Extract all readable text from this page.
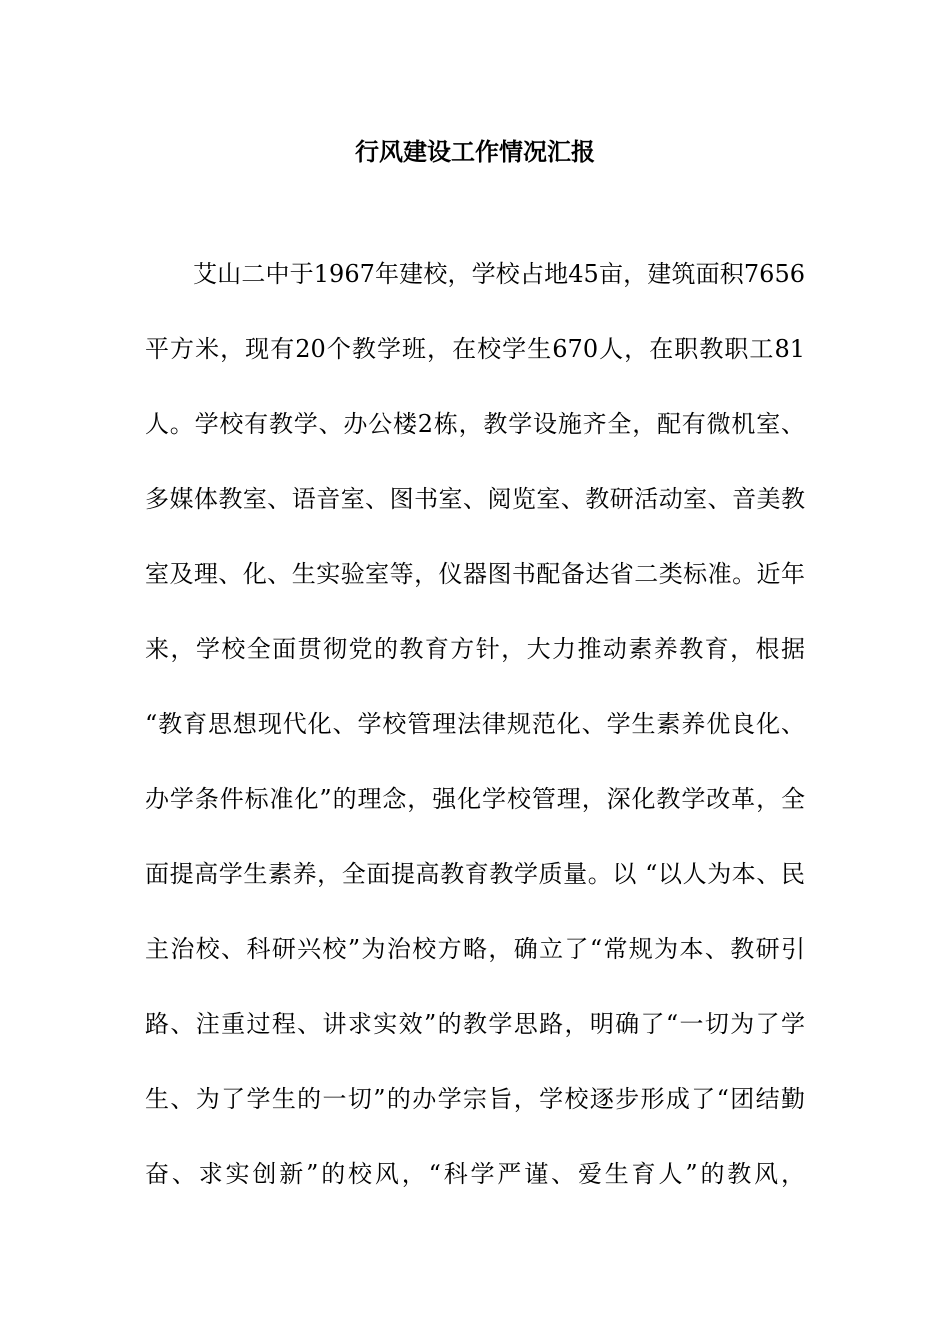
行风建设工作情况汇报
艾山二中于1967年建校，学校占地45亩，建筑面积7656
平方米，现有20个教学班，在校学生670人，在职教职工81
人。学校有教学、办公楼2栋，教学设施齐全，配有微机室、
多媒体教室、语音室、图书室、阅览室、教研活动室、音美教
室及理、化、生实验室等，仪器图书配备达省二类标准。近年
来，学校全面贯彻党的教育方针，大力推动素养教育，根据
“教育思想现代化、学校管理法律规范化、学生素养优良化、
办学条件标准化”的理念，强化学校管理，深化教学改革，全
面提高学生素养，全面提高教育教学质量。以 “以人为本、民
主治校、科研兴校”为治校方略，确立了“常规为本、教研引
路、注重过程、讲求实效”的教学思路，明确了“一切为了学
生、为了学生的一切”的办学宗旨，学校逐步形成了“团结勤
奋、求实创新”的校风，“科学严谨、爱生育人”的教风，
